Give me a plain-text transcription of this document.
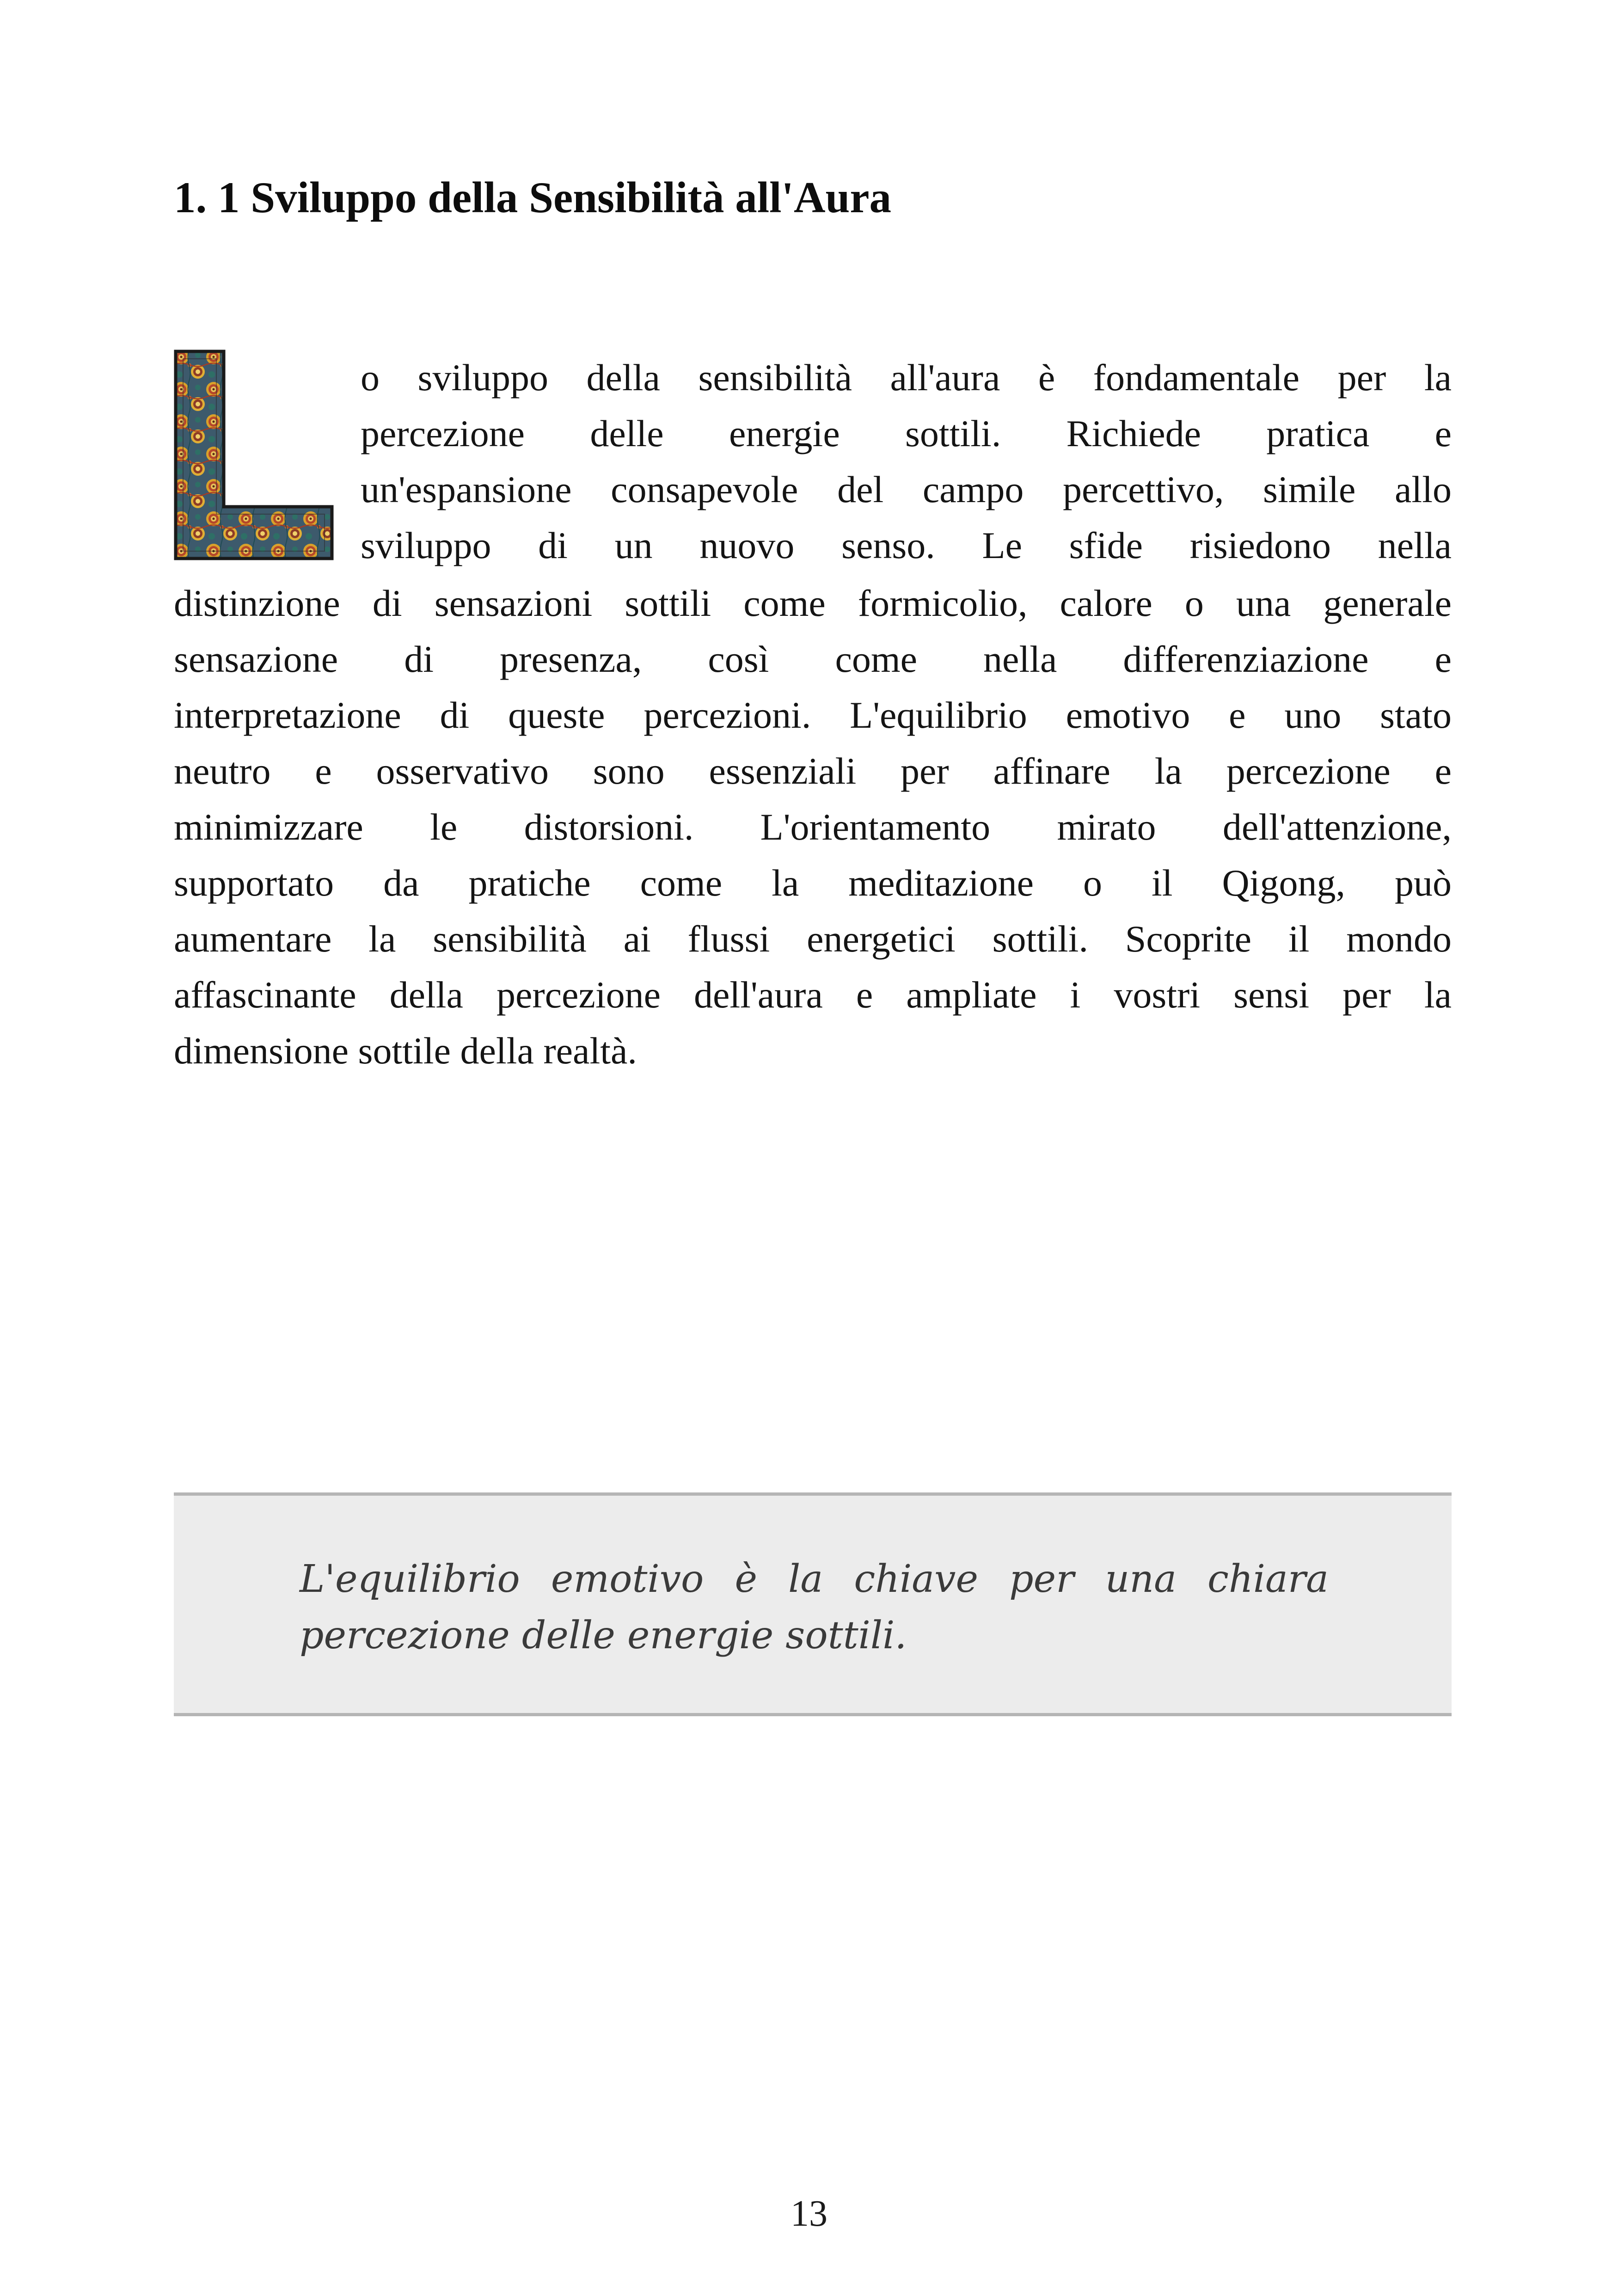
1. 1 Sviluppo della Sensibilità all'Aura
o sviluppo della sensibilità all'aura è fondamentale per la
percezione delle energie sottili. Richiede pratica e
un'espansione consapevole del campo percettivo, simile allo
sviluppo di un nuovo senso. Le sfide risiedono nella
distinzione di sensazioni sottili come formicolio, calore o una generale
sensazione di presenza, così come nella differenziazione e
interpretazione di queste percezioni. L'equilibrio emotivo e uno stato
neutro e osservativo sono essenziali per affinare la percezione e
minimizzare le distorsioni. L'orientamento mirato dell'attenzione,
supportato da pratiche come la meditazione o il Qigong, può
aumentare la sensibilità ai flussi energetici sottili. Scoprite il mondo
affascinante della percezione dell'aura e ampliate i vostri sensi per la
dimensione sottile della realtà.
L'equilibrio emotivo è la chiave per una chiara
percezione delle energie sottili.
13
